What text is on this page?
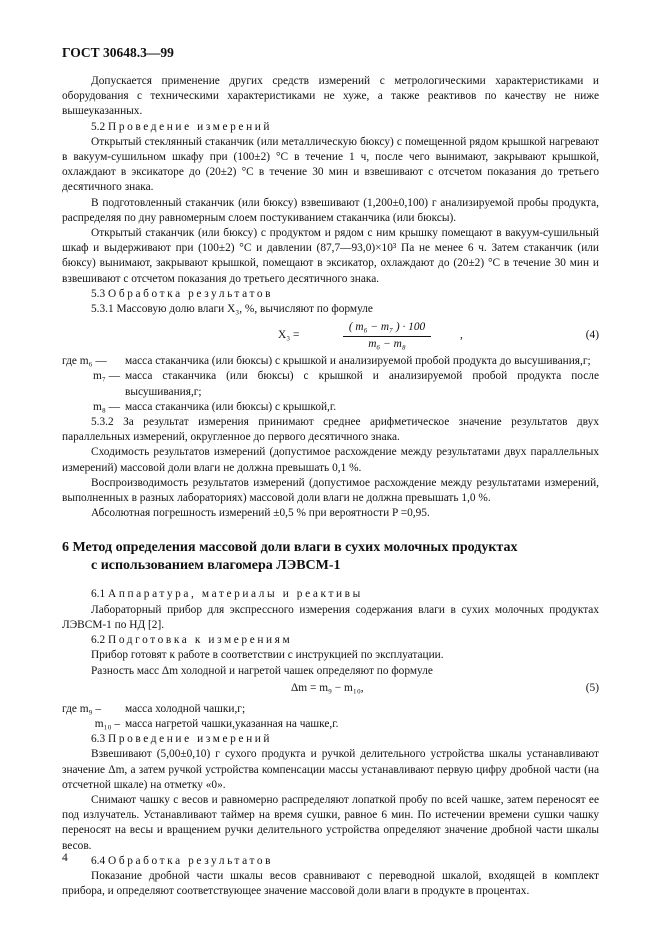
ГОСТ 30648.3—99

Допускается применение других средств измерений с метрологическими характеристиками и оборудования с техническими характеристиками не хуже, а также реактивов по качеству не ниже вышеуказанных.

5.2 Проведение измерений

Открытый стеклянный стаканчик (или металлическую бюксу) с помещенной рядом крышкой нагревают в вакуум-сушильном шкафу при (100±2) °С в течение 1 ч, после чего вынимают, закрывают крышкой, охлаждают в эксикаторе до (20±2) °С в течение 30 мин и взвешивают с отсчетом показания до третьего десятичного знака.

В подготовленный стаканчик (или бюксу) взвешивают (1,200±0,100) г анализируемой пробы продукта, распределяя по дну равномерным слоем постукиванием стаканчика (или бюксы).

Открытый стаканчик (или бюксу) с продуктом и рядом с ним крышку помещают в вакуум-сушильный шкаф и выдерживают при (100±2) °С и давлении (87,7—93,0)×10³ Па не менее 6 ч. Затем стаканчик (или бюксу) вынимают, закрывают крышкой, помещают в эксикатор, охлаждают до (20±2) °С в течение 30 мин и взвешивают с отсчетом показания до третьего десятичного знака.

5.3 Обработка результатов

5.3.1 Массовую долю влаги X₃, %, вычисляют по формуле

$X_3 = \frac{\text{( m₆ − m₇ ) · 100}}{\text{m₆ − m₈}}$
,	(4)

где m₆ —	масса стаканчика (или бюксы) с крышкой и анализируемой пробой продукта до высушивания,г;

m₇ — масса стаканчика (или бюксы) с крышкой и анализируемой пробой продукта после высушивания,г;

m₈ — масса стаканчика (или бюксы) с крышкой,г.

5.3.2 За результат измерения принимают среднее арифметическое значение результатов двух параллельных измерений, округленное до первого десятичного знака.

Сходимость результатов измерений (допустимое расхождение между результатами двух параллельных измерений) массовой доли влаги не должна превышать 0,1 %.

Воспроизводимость результатов измерений (допустимое расхождение между результатами измерений, выполненных в разных лабораториях) массовой доли влаги не должна превышать 1,0 %.

Абсолютная погрешность измерений ±0,5 % при вероятности P =0,95.

6 Метод определения массовой доли влаги в сухих молочных продуктах
с использованием влагомера ЛЭВСМ-1

6.1 Аппаратура, материалы и реактивы

Лабораторный прибор для экспрессного измерения содержания влаги в сухих молочных продуктах ЛЭВСМ-1 по НД [2].

6.2 Подготовка к измерениям

Прибор готовят к работе в соответствии с инструкцией по эксплуатации.

Разность масс Δm холодной и нагретой чашек определяют по формуле

Δm = m₉ − m₁₀,	(5)

где m₉ –	масса холодной чашки,г;

m₁₀ – масса нагретой чашки,указанная на чашке,г.

6.3 Проведение измерений

Взвешивают (5,00±0,10) г сухого продукта и ручкой делительного устройства шкалы устанавливают значение Δm, а затем ручкой устройства компенсации массы устанавливают первую цифру дробной части (на отсчетной шкале) на отметку «0».

Снимают чашку с весов и равномерно распределяют лопаткой пробу по всей чашке, затем переносят ее под излучатель. Устанавливают таймер на время сушки, равное 6 мин. По истечении времени сушки чашку переносят на весы и вращением ручки делительного устройства определяют значение дробной части шкалы весов.

6.4 Обработка результатов

Показание дробной части шкалы весов сравнивают с переводной шкалой, входящей в комплект прибора, и определяют соответствующее значение массовой доли влаги в продукте в процентах.

4
